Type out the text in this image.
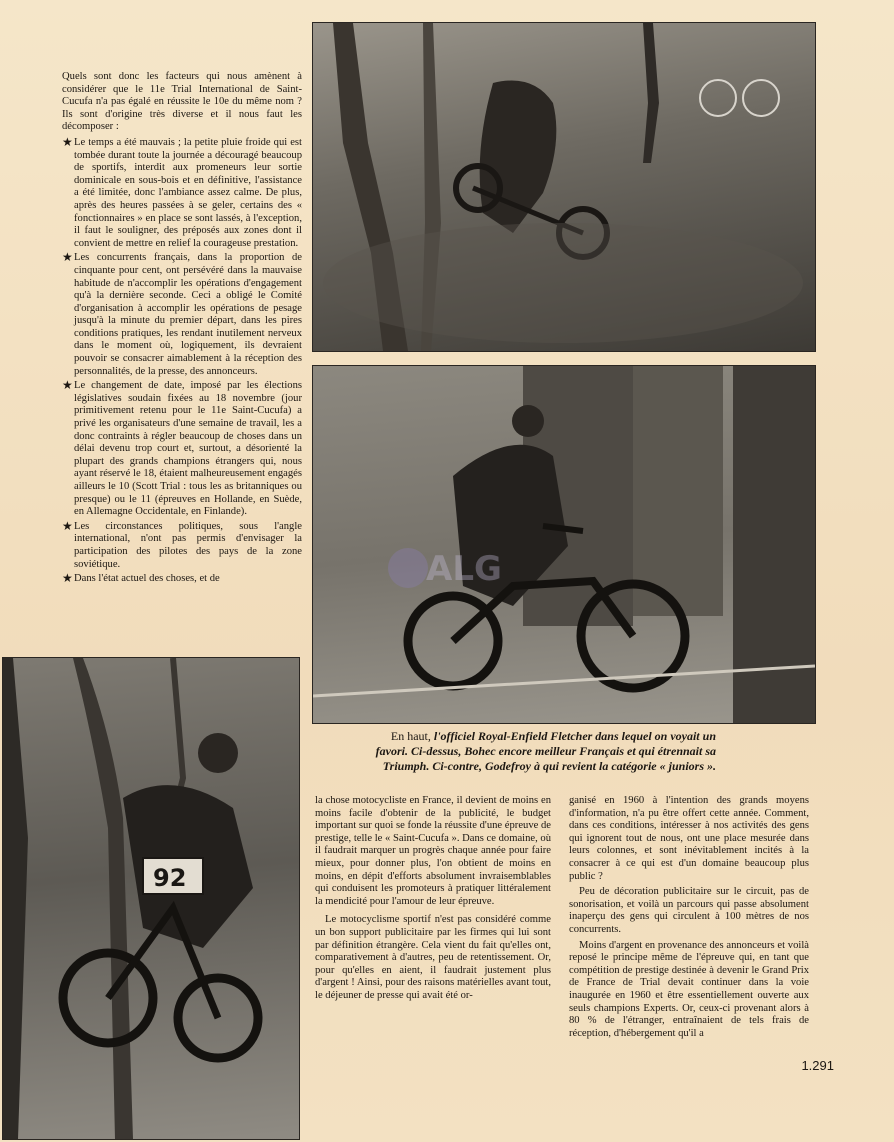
92
ALG

Quels sont donc les facteurs qui nous amènent à considérer que le 11e Trial International de Saint-Cucufa n'a pas égalé en réussite le 10e du même nom ? Ils sont d'origine très diverse et il nous faut les décomposer :

★ Le temps a été mauvais ; la petite pluie froide qui est tombée durant toute la journée a découragé beaucoup de sportifs, interdit aux promeneurs leur sortie dominicale en sous-bois et en définitive, l'assistance a été limitée, donc l'ambiance assez calme. De plus, après des heures passées à se geler, certains des « fonctionnaires » en place se sont lassés, à l'exception, il faut le souligner, des préposés aux zones dont il convient de mettre en relief la courageuse prestation.
★ Les concurrents français, dans la proportion de cinquante pour cent, ont persévéré dans la mauvaise habitude de n'accomplir les opérations d'engagement qu'à la dernière seconde. Ceci a obligé le Comité d'organisation à accomplir les opérations de pesage jusqu'à la minute du premier départ, dans les pires conditions pratiques, les rendant inutilement nerveux dans le moment où, logiquement, ils devraient pouvoir se consacrer aimablement à la réception des personnalités, de la presse, des annonceurs.
★ Le changement de date, imposé par les élections législatives soudain fixées au 18 novembre (jour primitivement retenu pour le 11e Saint-Cucufa) a privé les organisateurs d'une semaine de travail, les a donc contraints à régler beaucoup de choses dans un délai devenu trop court et, surtout, a désorienté la plupart des grands champions étrangers qui, nous ayant réservé le 18, étaient malheureusement engagés ailleurs le 10 (Scott Trial : tous les as britanniques ou presque) ou le 11 (épreuves en Hollande, en Suède, en Allemagne Occidentale, en Finlande).
★ Les circonstances politiques, sous l'angle international, n'ont pas permis d'envisager la participation des pilotes des pays de la zone soviétique.
★ Dans l'état actuel des choses, et de
En haut, l'officiel Royal-Enfield Fletcher dans lequel on voyait un favori. Ci-dessus, Bohec encore meilleur Français et qui étrennait sa Triumph. Ci-contre, Godefroy à qui revient la catégorie « juniors ».

la chose motocycliste en France, il devient de moins en moins facile d'obtenir de la publicité, le budget important sur quoi se fonde la réussite d'une épreuve de prestige, telle le « Saint-Cucufa ». Dans ce domaine, où il faudrait marquer un progrès chaque année pour faire mieux, pour donner plus, l'on obtient de moins en moins, en dépit d'efforts absolument invraisemblables qui conduisent les promoteurs à pratiquer littéralement la mendicité pour l'amour de leur épreuve.

Le motocyclisme sportif n'est pas considéré comme un bon support publicitaire par les firmes qui lui sont par définition étrangère. Cela vient du fait qu'elles ont, comparativement à d'autres, peu de retentissement. Or, pour qu'elles en aient, il faudrait justement plus d'argent ! Ainsi, pour des raisons matérielles avant tout, le déjeuner de presse qui avait été or-

ganisé en 1960 à l'intention des grands moyens d'information, n'a pu être offert cette année. Comment, dans ces conditions, intéresser à nos activités des gens qui ignorent tout de nous, ont une place mesurée dans leurs colonnes, et sont inévitablement incités à la consacrer à ce qui est d'un domaine beaucoup plus public ?

Peu de décoration publicitaire sur le circuit, pas de sonorisation, et voilà un parcours qui passe absolument inaperçu des gens qui circulent à 100 mètres de nos concurrents.

Moins d'argent en provenance des annonceurs et voilà reposé le principe même de l'épreuve qui, en tant que compétition de prestige destinée à devenir le Grand Prix de France de Trial devait continuer dans la voie inaugurée en 1960 et être essentiellement ouverte aux seuls champions Experts. Or, ceux-ci provenant alors à 80 % de l'étranger, entraînaient de tels frais de réception, d'hébergement qu'il a

1.291
